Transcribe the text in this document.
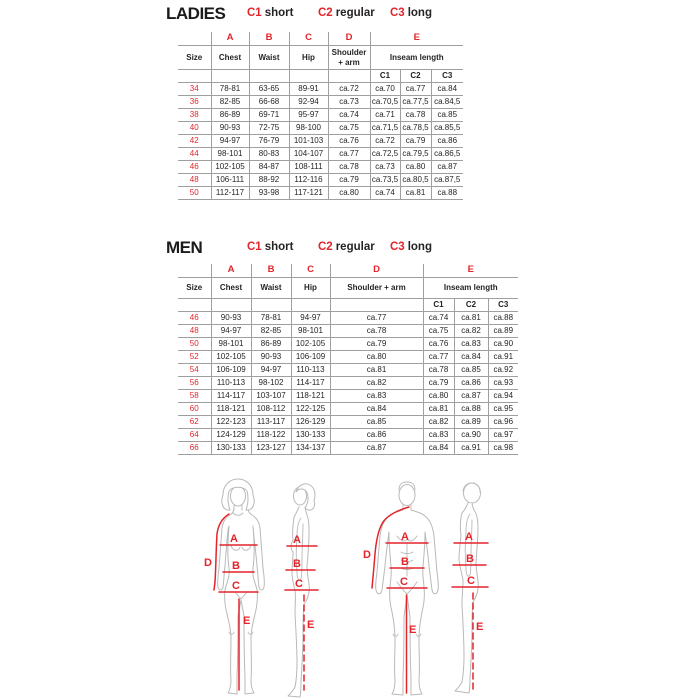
LADIES C1 short C2 regular C3 long
	A	B	C	D	E		
Size	Chest	Waist	Hip	Shoulder + arm	Inseam length		
					C1	C2	C3
34	78-81	63-65	89-91	ca.72	ca.70	ca.77	ca.84
36	82-85	66-68	92-94	ca.73	ca.70,5	ca.77,5	ca.84,5
38	86-89	69-71	95-97	ca.74	ca.71	ca.78	ca.85
40	90-93	72-75	98-100	ca.75	ca.71,5	ca.78,5	ca.85,5
42	94-97	76-79	101-103	ca.76	ca.72	ca.79	ca.86
44	98-101	80-83	104-107	ca.77	ca.72,5	ca.79,5	ca.86,5
46	102-105	84-87	108-111	ca.78	ca.73	ca.80	ca.87
48	106-111	88-92	112-116	ca.79	ca.73,5	ca.80,5	ca.87,5
50	112-117	93-98	117-121	ca.80	ca.74	ca.81	ca.88
MEN	C1 short C2 regular C3 long
	A	B	C	D	E		
Size	Chest	Waist	Hip	Shoulder + arm	Inseam length		
					C1	C2	C3
46	90-93	78-81	94-97	ca.77	ca.74	ca.81	ca.88
48	94-97	82-85	98-101	ca.78	ca.75	ca.82	ca.89
50	98-101	86-89	102-105	ca.79	ca.76	ca.83	ca.90
52	102-105	90-93	106-109	ca.80	ca.77	ca.84	ca.91
54	106-109	94-97	110-113	ca.81	ca.78	ca.85	ca.92
56	110-113	98-102	114-117	ca.82	ca.79	ca.86	ca.93
58	114-117	103-107	118-121	ca.83	ca.80	ca.87	ca.94
60	118-121	108-112	122-125	ca.84	ca.81	ca.88	ca.95
62	122-123	113-117	126-129	ca.85	ca.82	ca.89	ca.96
64	124-129	118-122	130-133	ca.86	ca.83	ca.90	ca.97
66	130-133	123-127	134-137	ca.87	ca.84	ca.91	ca.98
D
A
B
C
E
A
B
C
E
D
A
B
C
E
A
B
C
E
